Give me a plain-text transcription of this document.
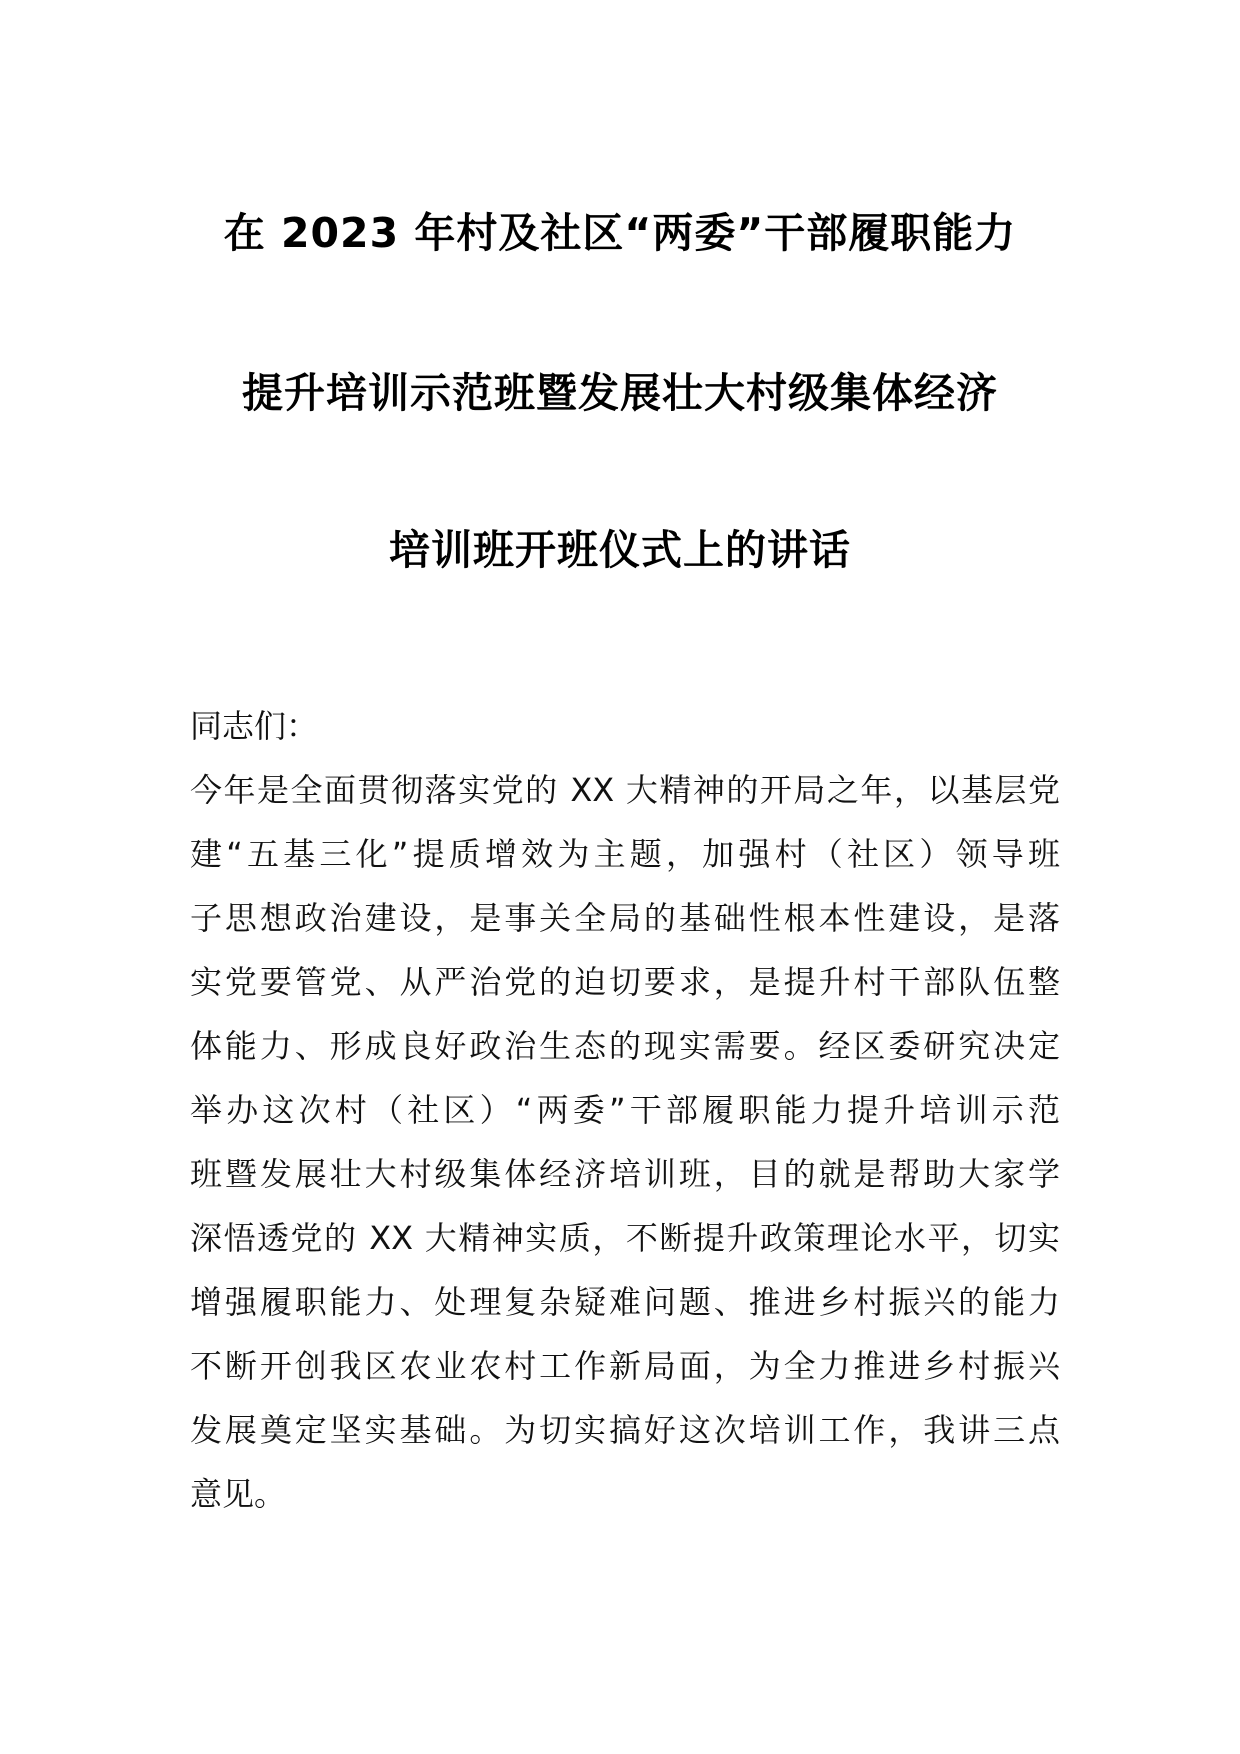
在 2023 年村及社区“两委”干部履职能力
提升培训示范班暨发展壮大村级集体经济
培训班开班仪式上的讲话
同志们：
今年是全面贯彻落实党的 XX 大精神的开局之年，以基层党
建“五基三化”提质增效为主题，加强村（社区）领导班
子思想政治建设，是事关全局的基础性根本性建设，是落
实党要管党、从严治党的迫切要求，是提升村干部队伍整
体能力、形成良好政治生态的现实需要。经区委研究决定
举办这次村（社区）“两委”干部履职能力提升培训示范
班暨发展壮大村级集体经济培训班，目的就是帮助大家学
深悟透党的 XX 大精神实质，不断提升政策理论水平，切实
增强履职能力、处理复杂疑难问题、推进乡村振兴的能力
不断开创我区农业农村工作新局面，为全力推进乡村振兴
发展奠定坚实基础。为切实搞好这次培训工作，我讲三点
意见。
